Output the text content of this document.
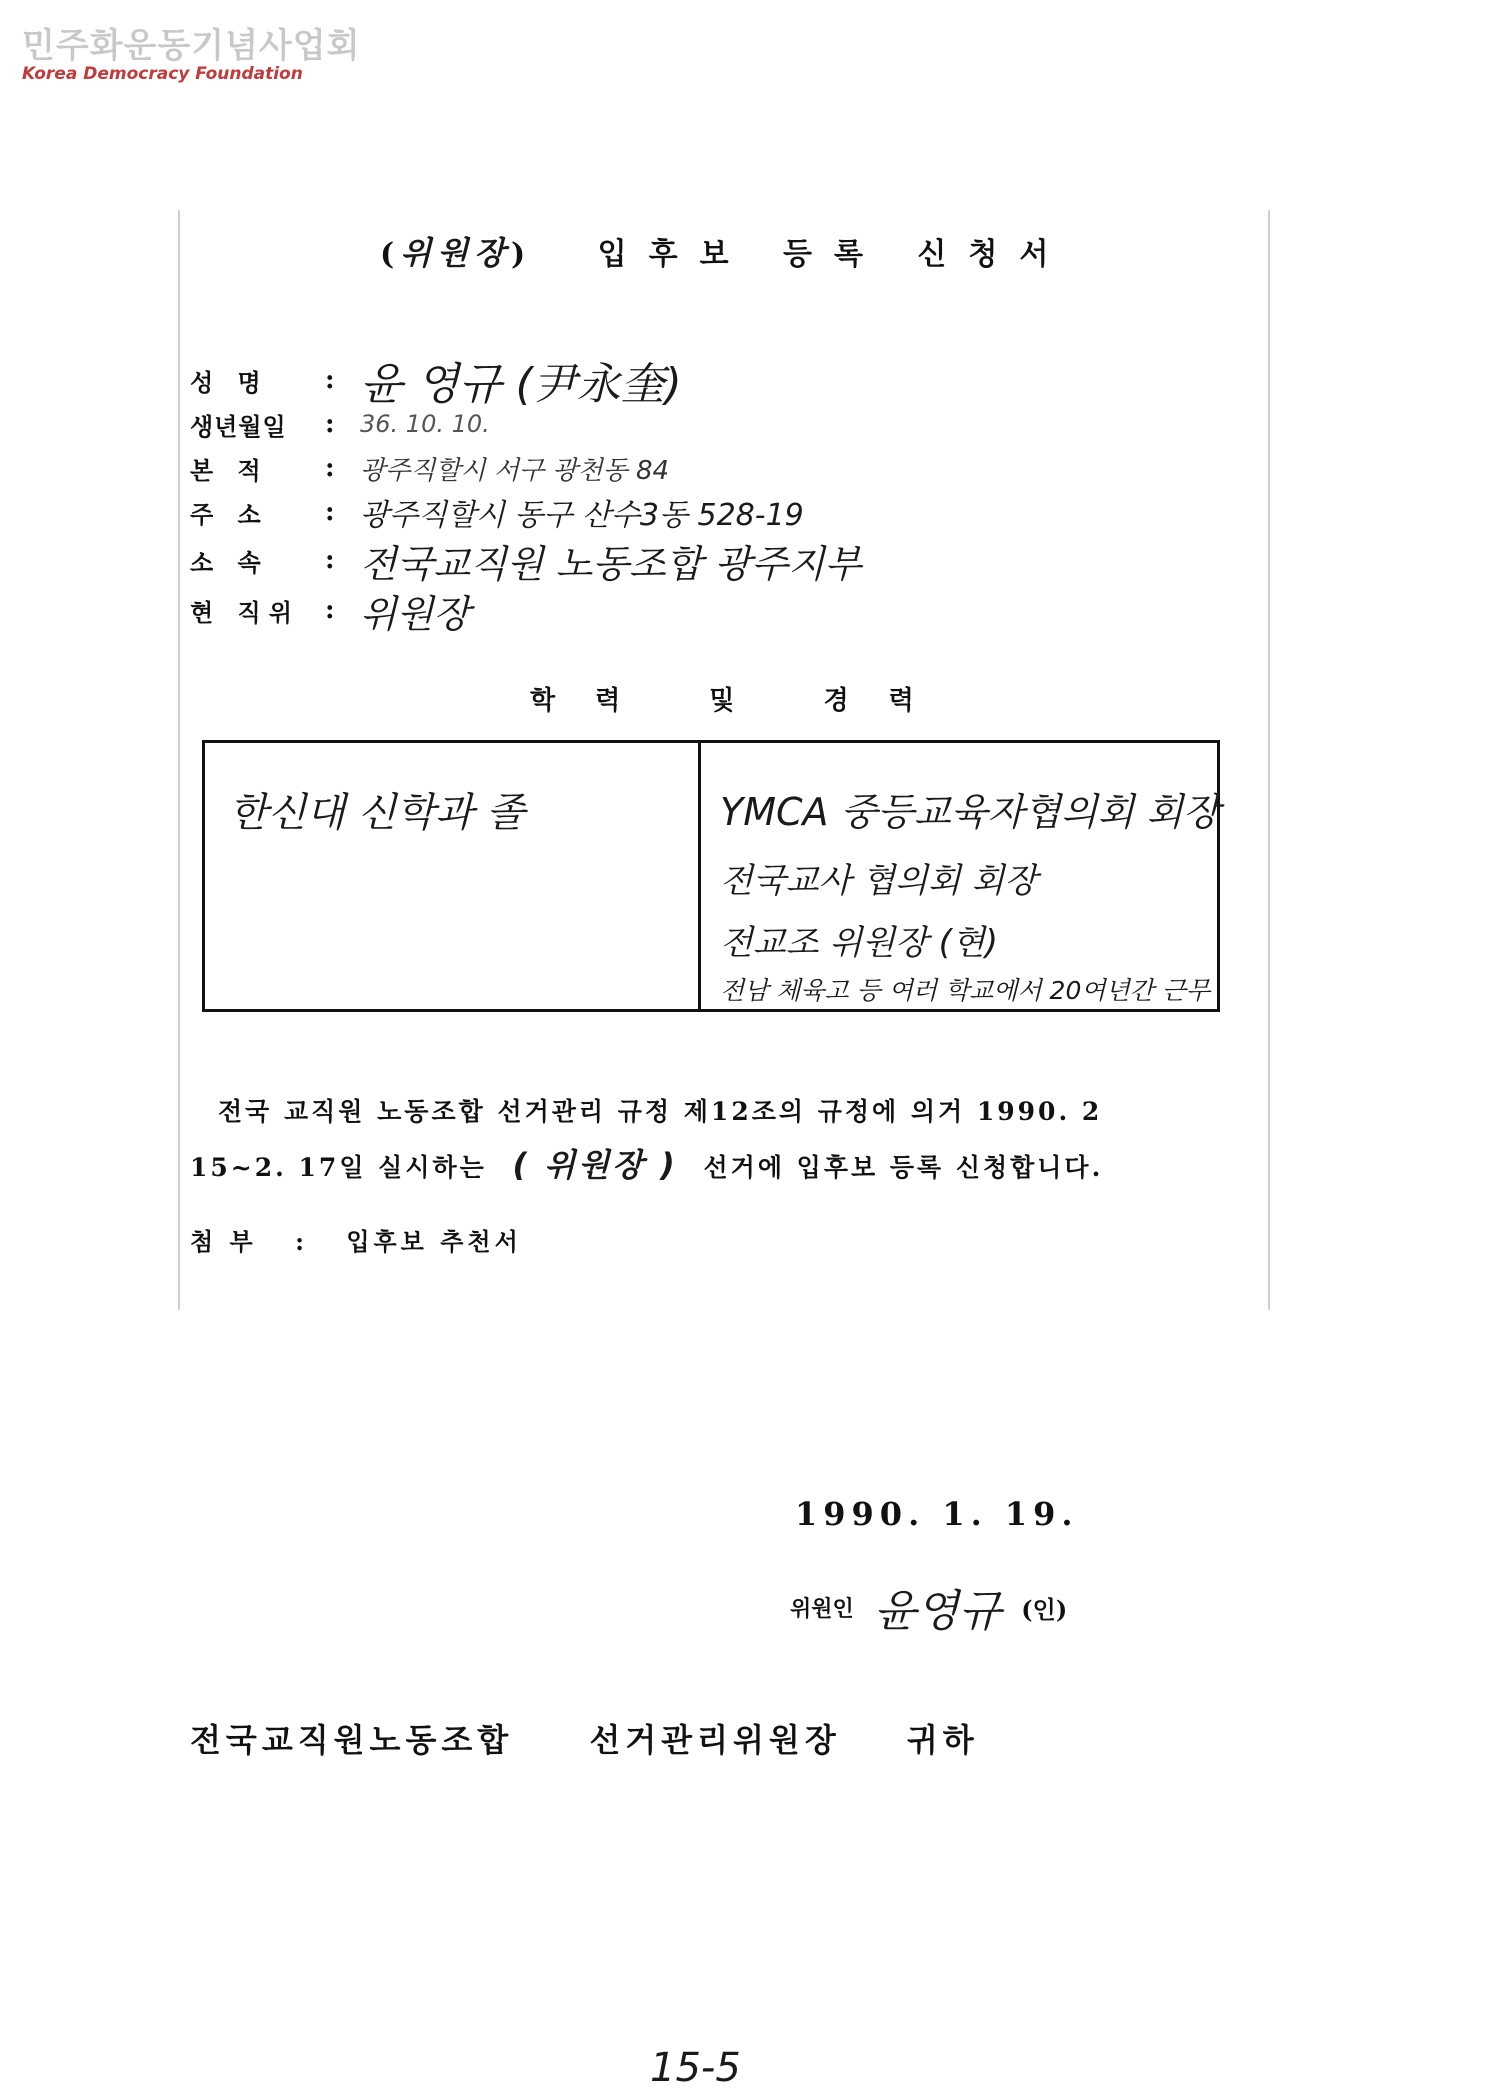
민주화운동기념사업회
Korea Democracy Foundation
(위원장) 입후보 등록 신청서
성 명	: 윤 영규 (尹永奎)
생년월일	:	36. 10. 10.
본 적	: 광주직할시 서구 광천동 84
주 소	: 광주직할시 동구 산수3동 528-19
소 속	: 전국교직원 노동조합 광주지부
현 직위 : 위원장
학력 및 경력
한신대 신학과 졸	YMCA 중등교육자협의회 회장
전국교사 협의회 회장
전교조 위원장 (현)
전남 체육고 등 여러 학교에서 20여년간 근무
전국 교직원 노동조합 선거관리 규정 제12조의 규정에 의거 1990. 2
15~2. 17일 실시하는 ( 위원장 ) 선거에 입후보 등록 신청합니다.
첨 부 : 입후보 추천서
1990. 1. 19.
위원인 윤영규 (인)
전국교직원노동조합 선거관리위원장 귀하
15-5
